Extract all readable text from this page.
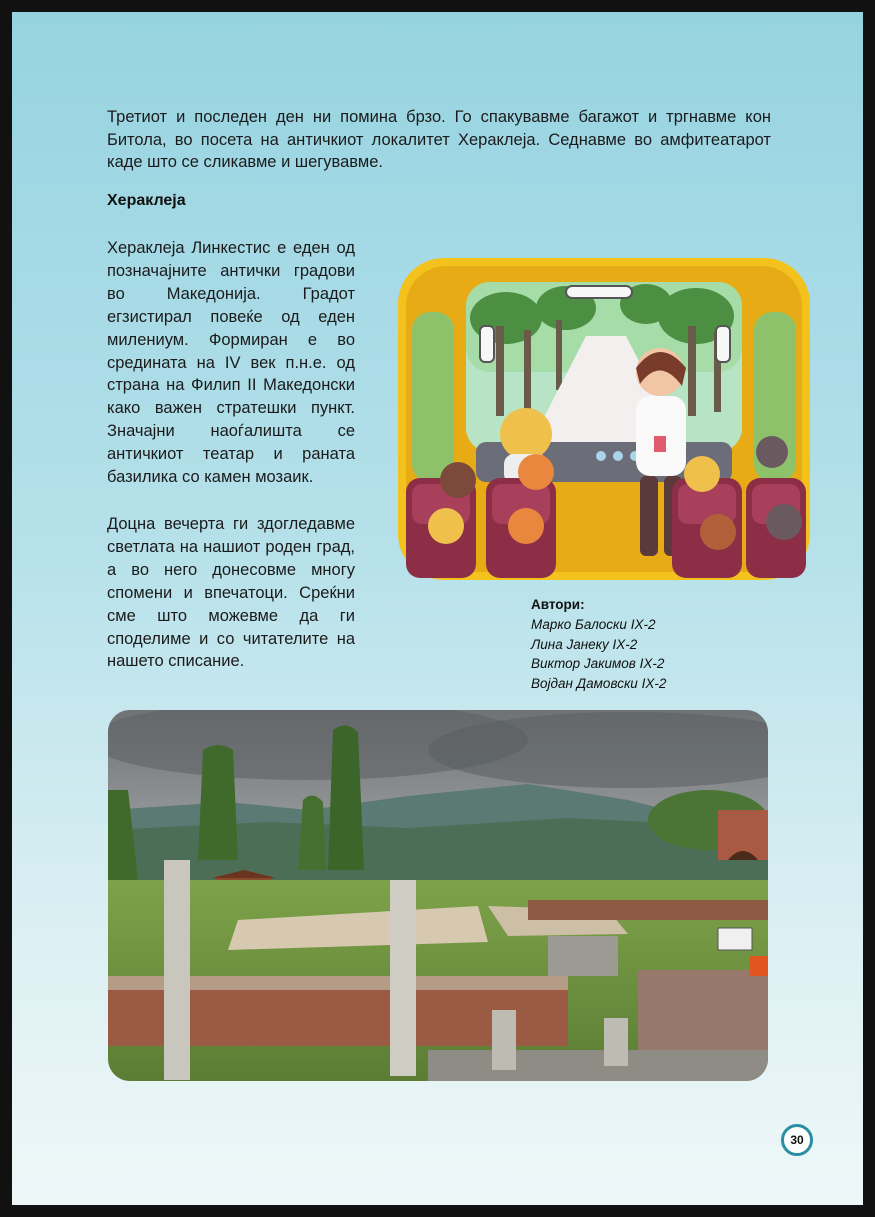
Третиот и последен ден ни помина брзо. Го спакувавме багажот и тргнавме кон Битола, во посета на античкиот локалитет Хераклеја. Седнавме во амфитеатарот каде што се сликавме и шегувавме.

Хераклеја

Хераклеја Линкестис е еден од позначајните антички градови во Македонија. Градот егзистирал повеќе од еден милениум. Формиран е во средината на IV век п.н.е. од страна на Филип II Македонски како важен стратешки пункт. Значајни наоѓалишта се античкиот театар и раната базилика со камен мозаик.

Доцна вечерта ги здогледавме светлата на нашиот роден град, а во него донесовме многу спомени и впечатоци. Среќни сме што можевме да ги споделиме и со читателите на нашето списание.

Автори:
Марко Балоски IX-2
Лина Јанеку IX-2
Виктор Јакимов IX-2
Војдан Дамовски IX-2
30
